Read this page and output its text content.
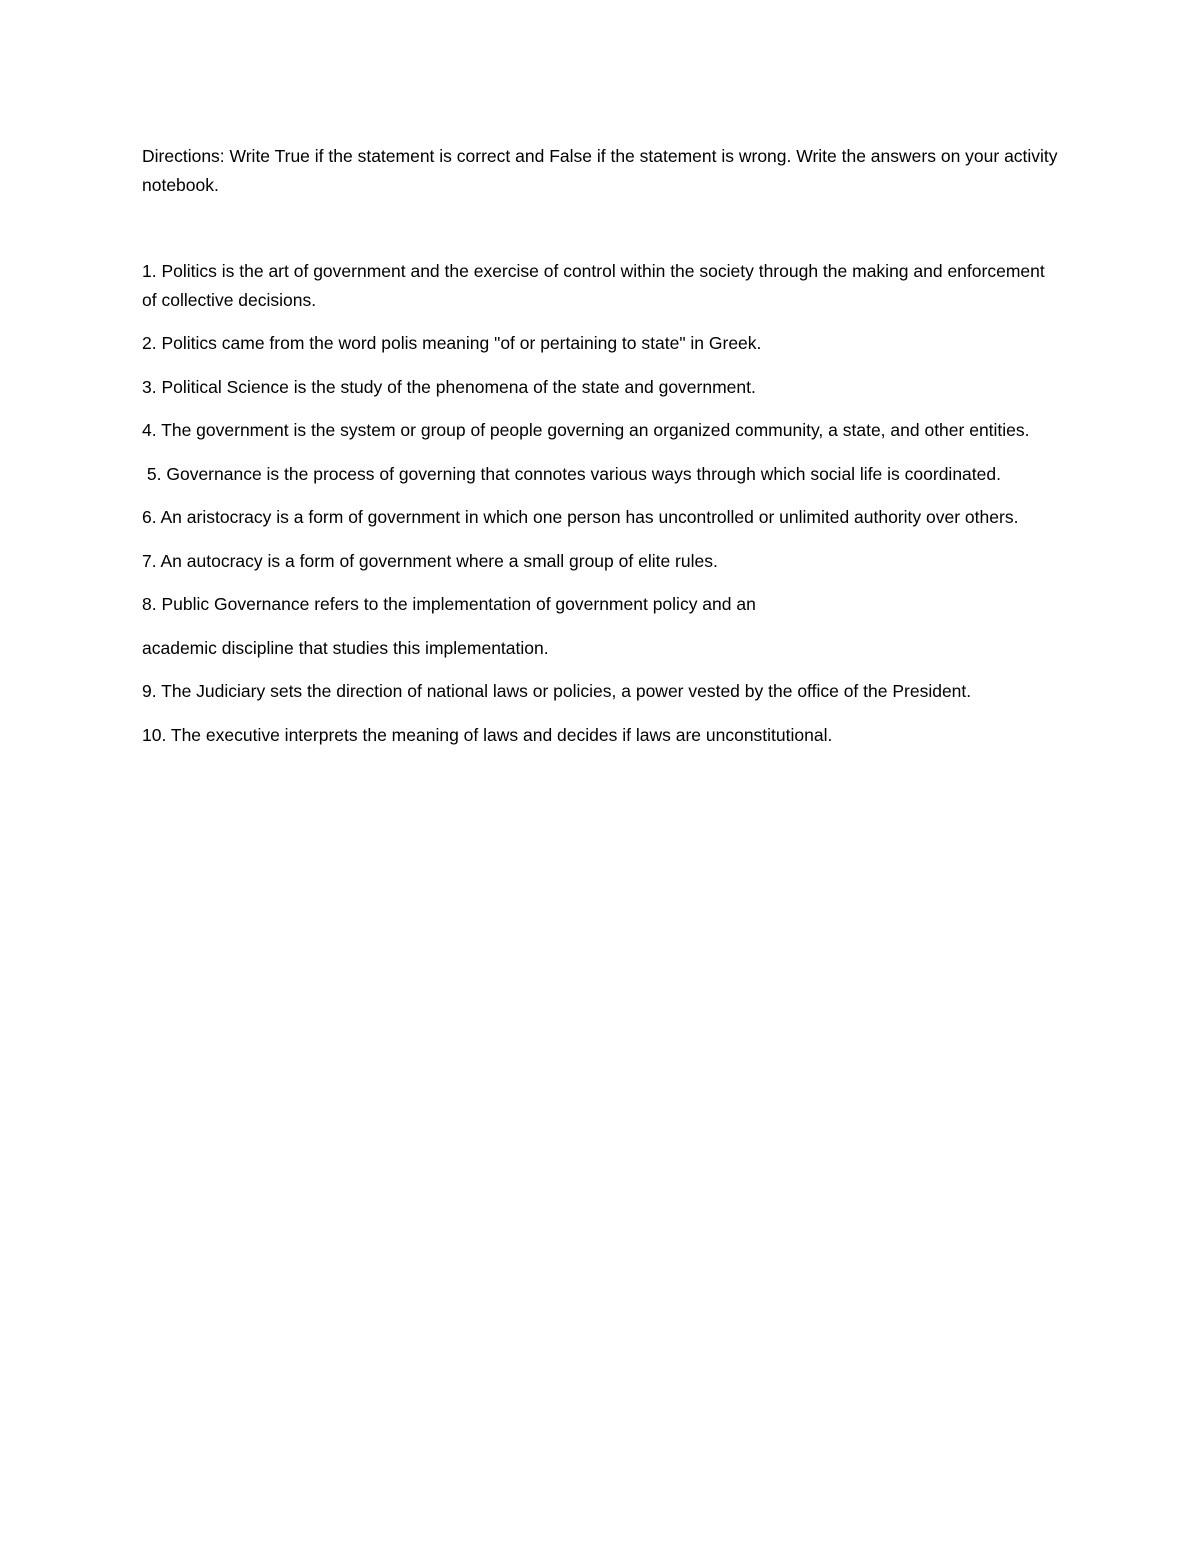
Directions: Write True if the statement is correct and False if the statement is wrong. Write the answers on your activity notebook.

1. Politics is the art of government and the exercise of control within the society through the making and enforcement of collective decisions.

2. Politics came from the word polis meaning "of or pertaining to state" in Greek.

3. Political Science is the study of the phenomena of the state and government.

4. The government is the system or group of people governing an organized community, a state, and other entities.

5. Governance is the process of governing that connotes various ways through which social life is coordinated.

6. An aristocracy is a form of government in which one person has uncontrolled or unlimited authority over others.

7. An autocracy is a form of government where a small group of elite rules.

8. Public Governance refers to the implementation of government policy and an

academic discipline that studies this implementation.

9. The Judiciary sets the direction of national laws or policies, a power vested by the office of the President.

10. The executive interprets the meaning of laws and decides if laws are unconstitutional.
